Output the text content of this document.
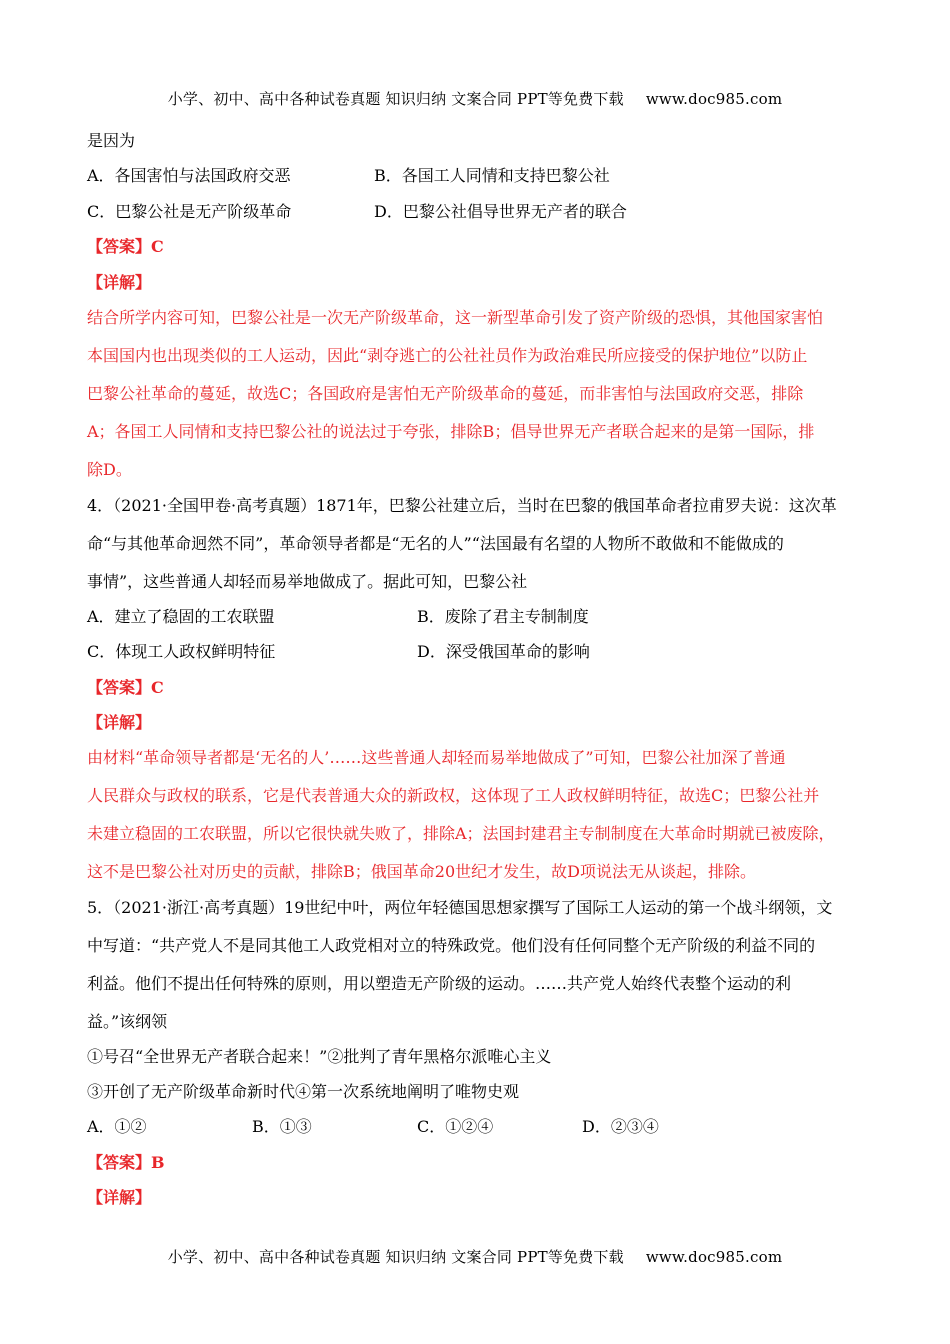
小学、初中、高中各种试卷真题 知识归纳 文案合同 PPT等免费下载 www.doc985.com
是因为
A．各国害怕与法国政府交恶	B．各国工人同情和支持巴黎公社
C．巴黎公社是无产阶级革命	D．巴黎公社倡导世界无产者的联合
【答案】C
【详解】
结合所学内容可知，巴黎公社是一次无产阶级革命，这一新型革命引发了资产阶级的恐惧，其他国家害怕
本国国内也出现类似的工人运动，因此“剥夺逃亡的公社社员作为政治难民所应接受的保护地位”以防止
巴黎公社革命的蔓延，故选C；各国政府是害怕无产阶级革命的蔓延，而非害怕与法国政府交恶，排除
A；各国工人同情和支持巴黎公社的说法过于夸张，排除B；倡导世界无产者联合起来的是第一国际，排
除D。
4．（2021·全国甲卷·高考真题）1871年，巴黎公社建立后，当时在巴黎的俄国革命者拉甫罗夫说：这次革
命“与其他革命迥然不同”，革命领导者都是“无名的人”“法国最有名望的人物所不敢做和不能做成的
事情”，这些普通人却轻而易举地做成了。据此可知，巴黎公社
A．建立了稳固的工农联盟	B．废除了君主专制制度
C．体现工人政权鲜明特征	D．深受俄国革命的影响
【答案】C
【详解】
由材料“革命领导者都是‘无名的人’……这些普通人却轻而易举地做成了”可知，巴黎公社加深了普通
人民群众与政权的联系，它是代表普通大众的新政权，这体现了工人政权鲜明特征，故选C；巴黎公社并
未建立稳固的工农联盟，所以它很快就失败了，排除A；法国封建君主专制制度在大革命时期就已被废除，
这不是巴黎公社对历史的贡献，排除B；俄国革命20世纪才发生，故D项说法无从谈起，排除。
5．（2021·浙江·高考真题）19世纪中叶，两位年轻德国思想家撰写了国际工人运动的第一个战斗纲领，文
中写道：“共产党人不是同其他工人政党相对立的特殊政党。他们没有任何同整个无产阶级的利益不同的
利益。他们不提出任何特殊的原则，用以塑造无产阶级的运动。……共产党人始终代表整个运动的利
益。”该纲领
①号召“全世界无产者联合起来！”②批判了青年黑格尔派唯心主义
③开创了无产阶级革命新时代④第一次系统地阐明了唯物史观
A．①②	B．①③	C．①②④	D．②③④
【答案】B
【详解】
小学、初中、高中各种试卷真题 知识归纳 文案合同 PPT等免费下载 www.doc985.com
